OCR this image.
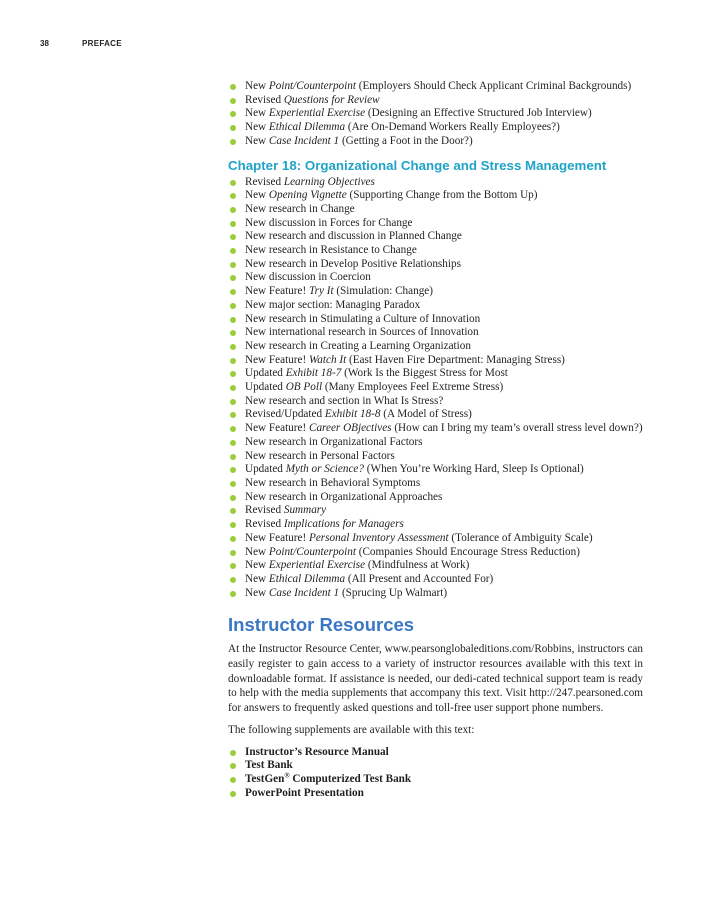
38	PREFACE
New Point/Counterpoint (Employers Should Check Applicant Criminal Backgrounds)
Revised Questions for Review
New Experiential Exercise (Designing an Effective Structured Job Interview)
New Ethical Dilemma (Are On-Demand Workers Really Employees?)
New Case Incident 1 (Getting a Foot in the Door?)
Chapter 18: Organizational Change and Stress Management
Revised Learning Objectives
New Opening Vignette (Supporting Change from the Bottom Up)
New research in Change
New discussion in Forces for Change
New research and discussion in Planned Change
New research in Resistance to Change
New research in Develop Positive Relationships
New discussion in Coercion
New Feature! Try It (Simulation: Change)
New major section: Managing Paradox
New research in Stimulating a Culture of Innovation
New international research in Sources of Innovation
New research in Creating a Learning Organization
New Feature! Watch It (East Haven Fire Department: Managing Stress)
Updated Exhibit 18-7 (Work Is the Biggest Stress for Most
Updated OB Poll (Many Employees Feel Extreme Stress)
New research and section in What Is Stress?
Revised/Updated Exhibit 18-8 (A Model of Stress)
New Feature! Career OBjectives (How can I bring my team’s overall stress level down?)
New research in Organizational Factors
New research in Personal Factors
Updated Myth or Science? (When You’re Working Hard, Sleep Is Optional)
New research in Behavioral Symptoms
New research in Organizational Approaches
Revised Summary
Revised Implications for Managers
New Feature! Personal Inventory Assessment (Tolerance of Ambiguity Scale)
New Point/Counterpoint (Companies Should Encourage Stress Reduction)
New Experiential Exercise (Mindfulness at Work)
New Ethical Dilemma (All Present and Accounted For)
New Case Incident 1 (Sprucing Up Walmart)
Instructor Resources

At the Instructor Resource Center, www.pearsonglobaleditions.com/Robbins, instructors can easily register to gain access to a variety of instructor resources available with this text in downloadable format. If assistance is needed, our dedi-cated technical support team is ready to help with the media supplements that accompany this text. Visit http://247.pearsoned.com for answers to frequently asked questions and toll-free user support phone numbers.

The following supplements are available with this text:

Instructor’s Resource Manual
Test Bank
TestGen® Computerized Test Bank
PowerPoint Presentation
